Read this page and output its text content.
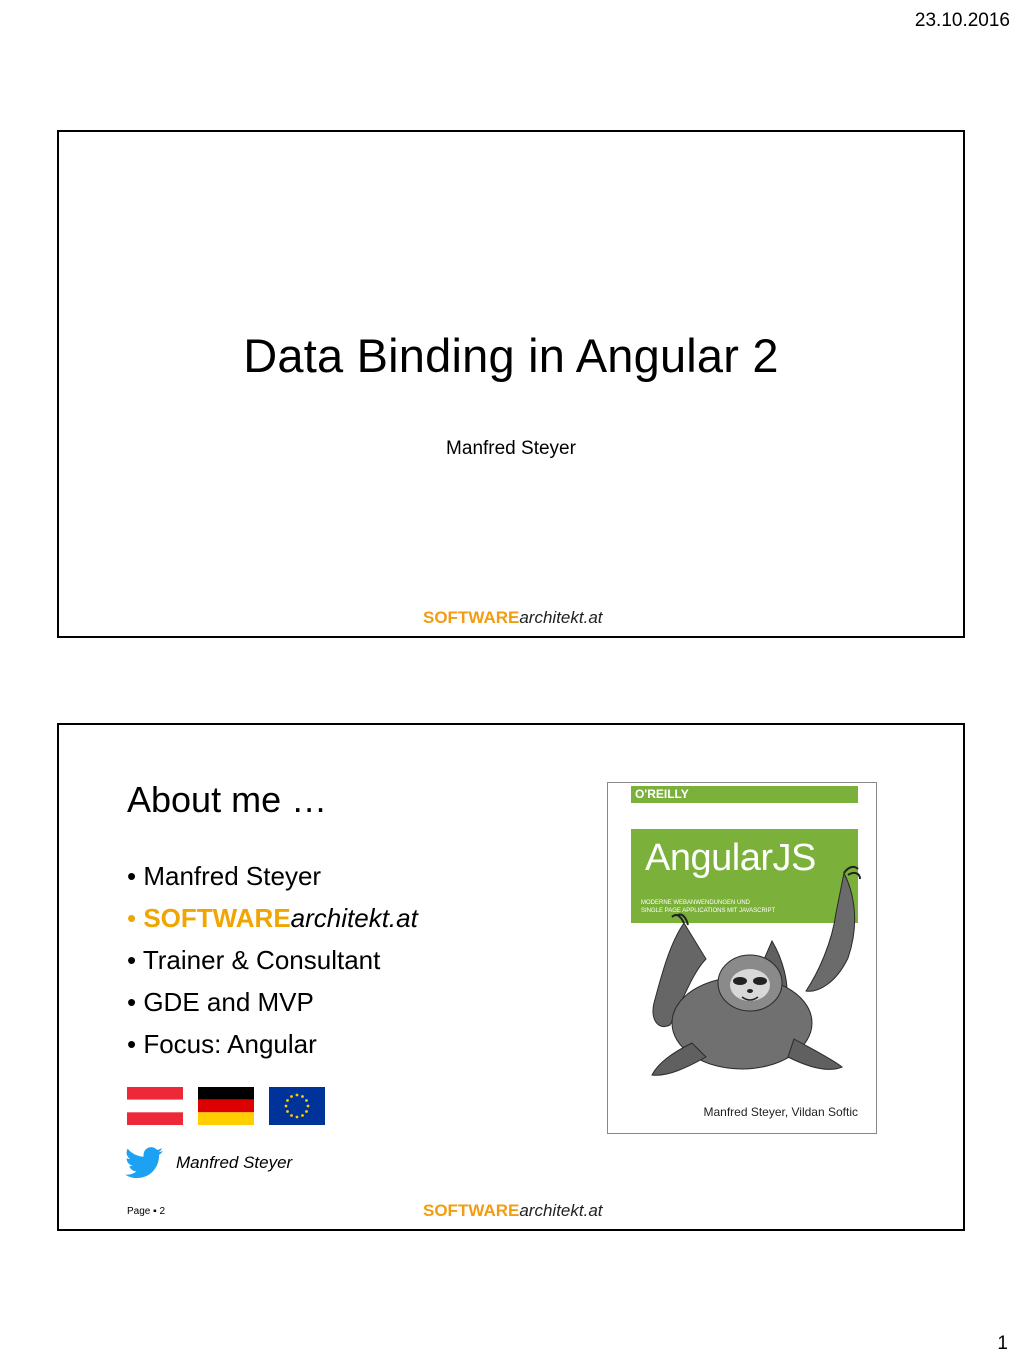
23.10.2016
Data Binding in Angular 2
Manfred Steyer
SOFTWAREarchitekt.at
About me …
• Manfred Steyer
• SOFTWAREarchitekt.at
• Trainer & Consultant
• GDE and MVP
• Focus: Angular
Manfred Steyer
Page ▪ 2	SOFTWAREarchitekt.at
O'REILLY
AngularJS
MODERNE WEBANWENDUNGEN UND
SINGLE PAGE APPLICATIONS MIT JAVASCRIPT
Manfred Steyer, Vildan Softic
1
